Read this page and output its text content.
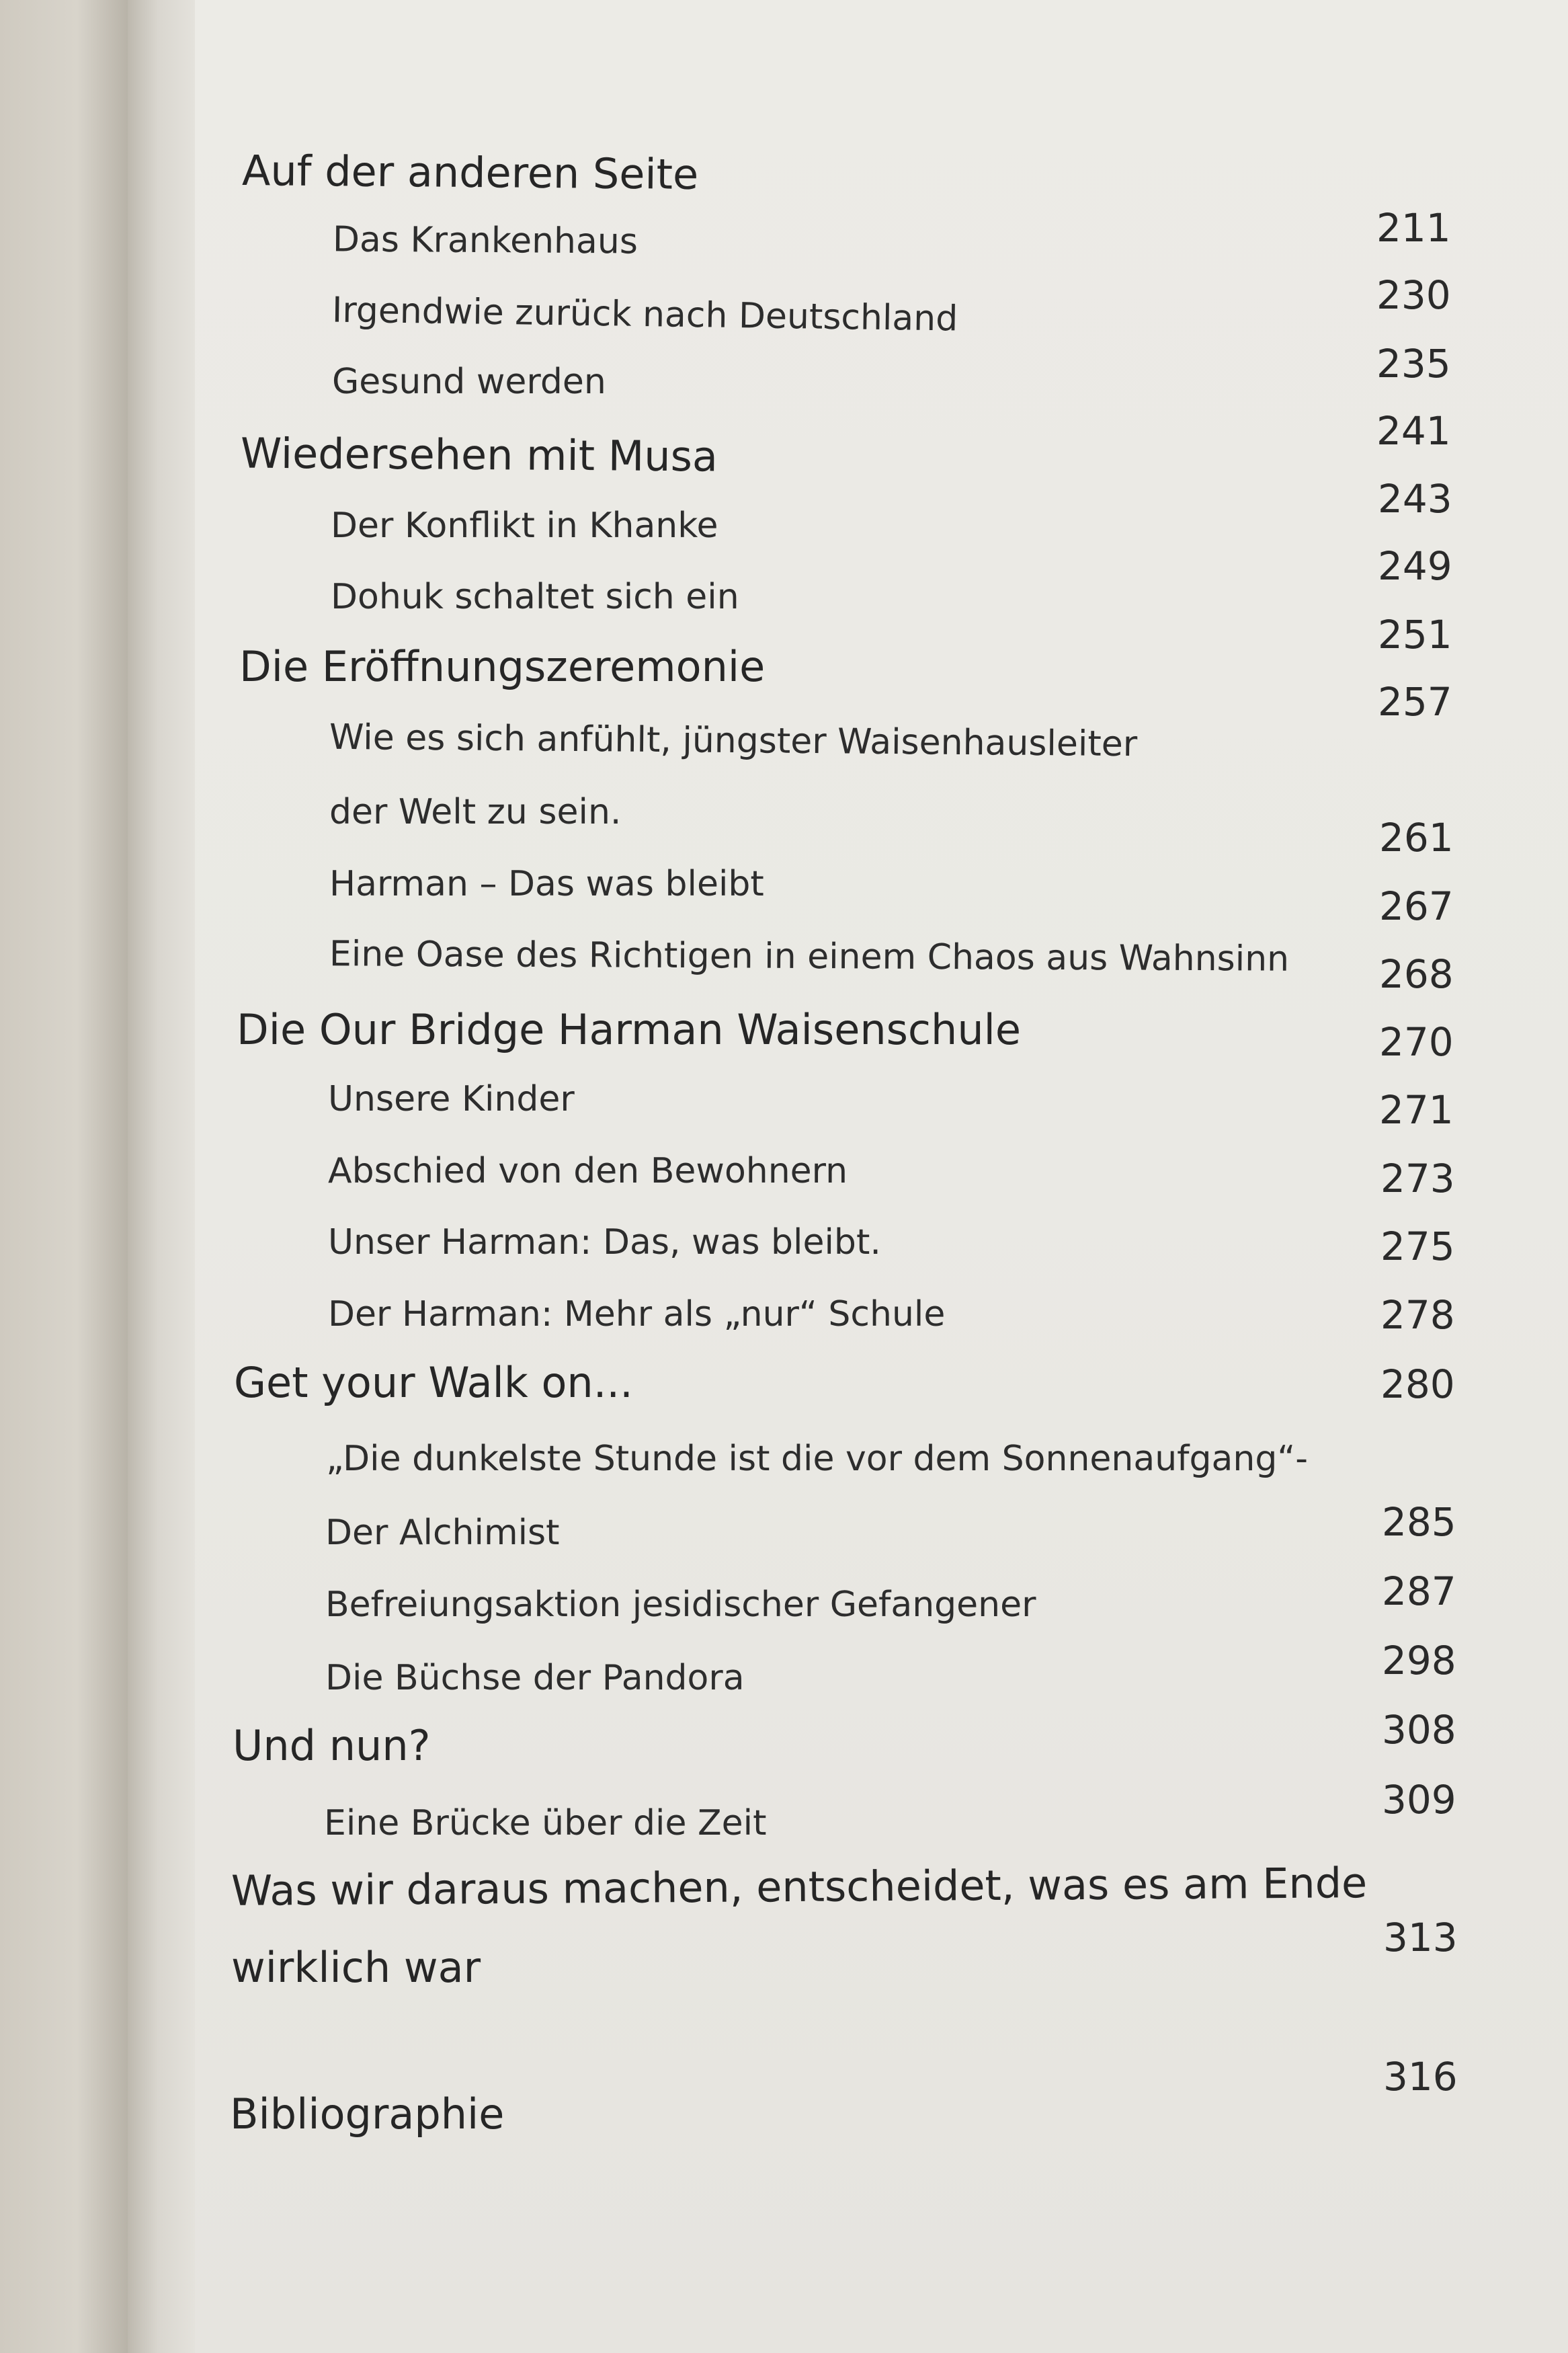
Auf der anderen Seite
Das Krankenhaus
Irgendwie zurück nach Deutschland
Gesund werden
Wiedersehen mit Musa
Der Konflikt in Khanke
Dohuk schaltet sich ein
Die Eröffnungszeremonie
Wie es sich anfühlt, jüngster Waisenhausleiter
der Welt zu sein.
Harman – Das was bleibt
Eine Oase des Richtigen in einem Chaos aus Wahnsinn
Die Our Bridge Harman Waisenschule
Unsere Kinder
Abschied von den Bewohnern
Unser Harman: Das, was bleibt.
Der Harman: Mehr als „nur“ Schule
Get your Walk on...
„Die dunkelste Stunde ist die vor dem Sonnenaufgang“-
Der Alchimist
Befreiungsaktion jesidischer Gefangener
Die Büchse der Pandora
Und nun?
Eine Brücke über die Zeit
Was wir daraus machen, entscheidet, was es am Ende
wirklich war
Bibliographie
211
230
235
241
243
249
251
257
261
267
268
270
271
273
275
278
280
285
287
298
308
309
313
316
